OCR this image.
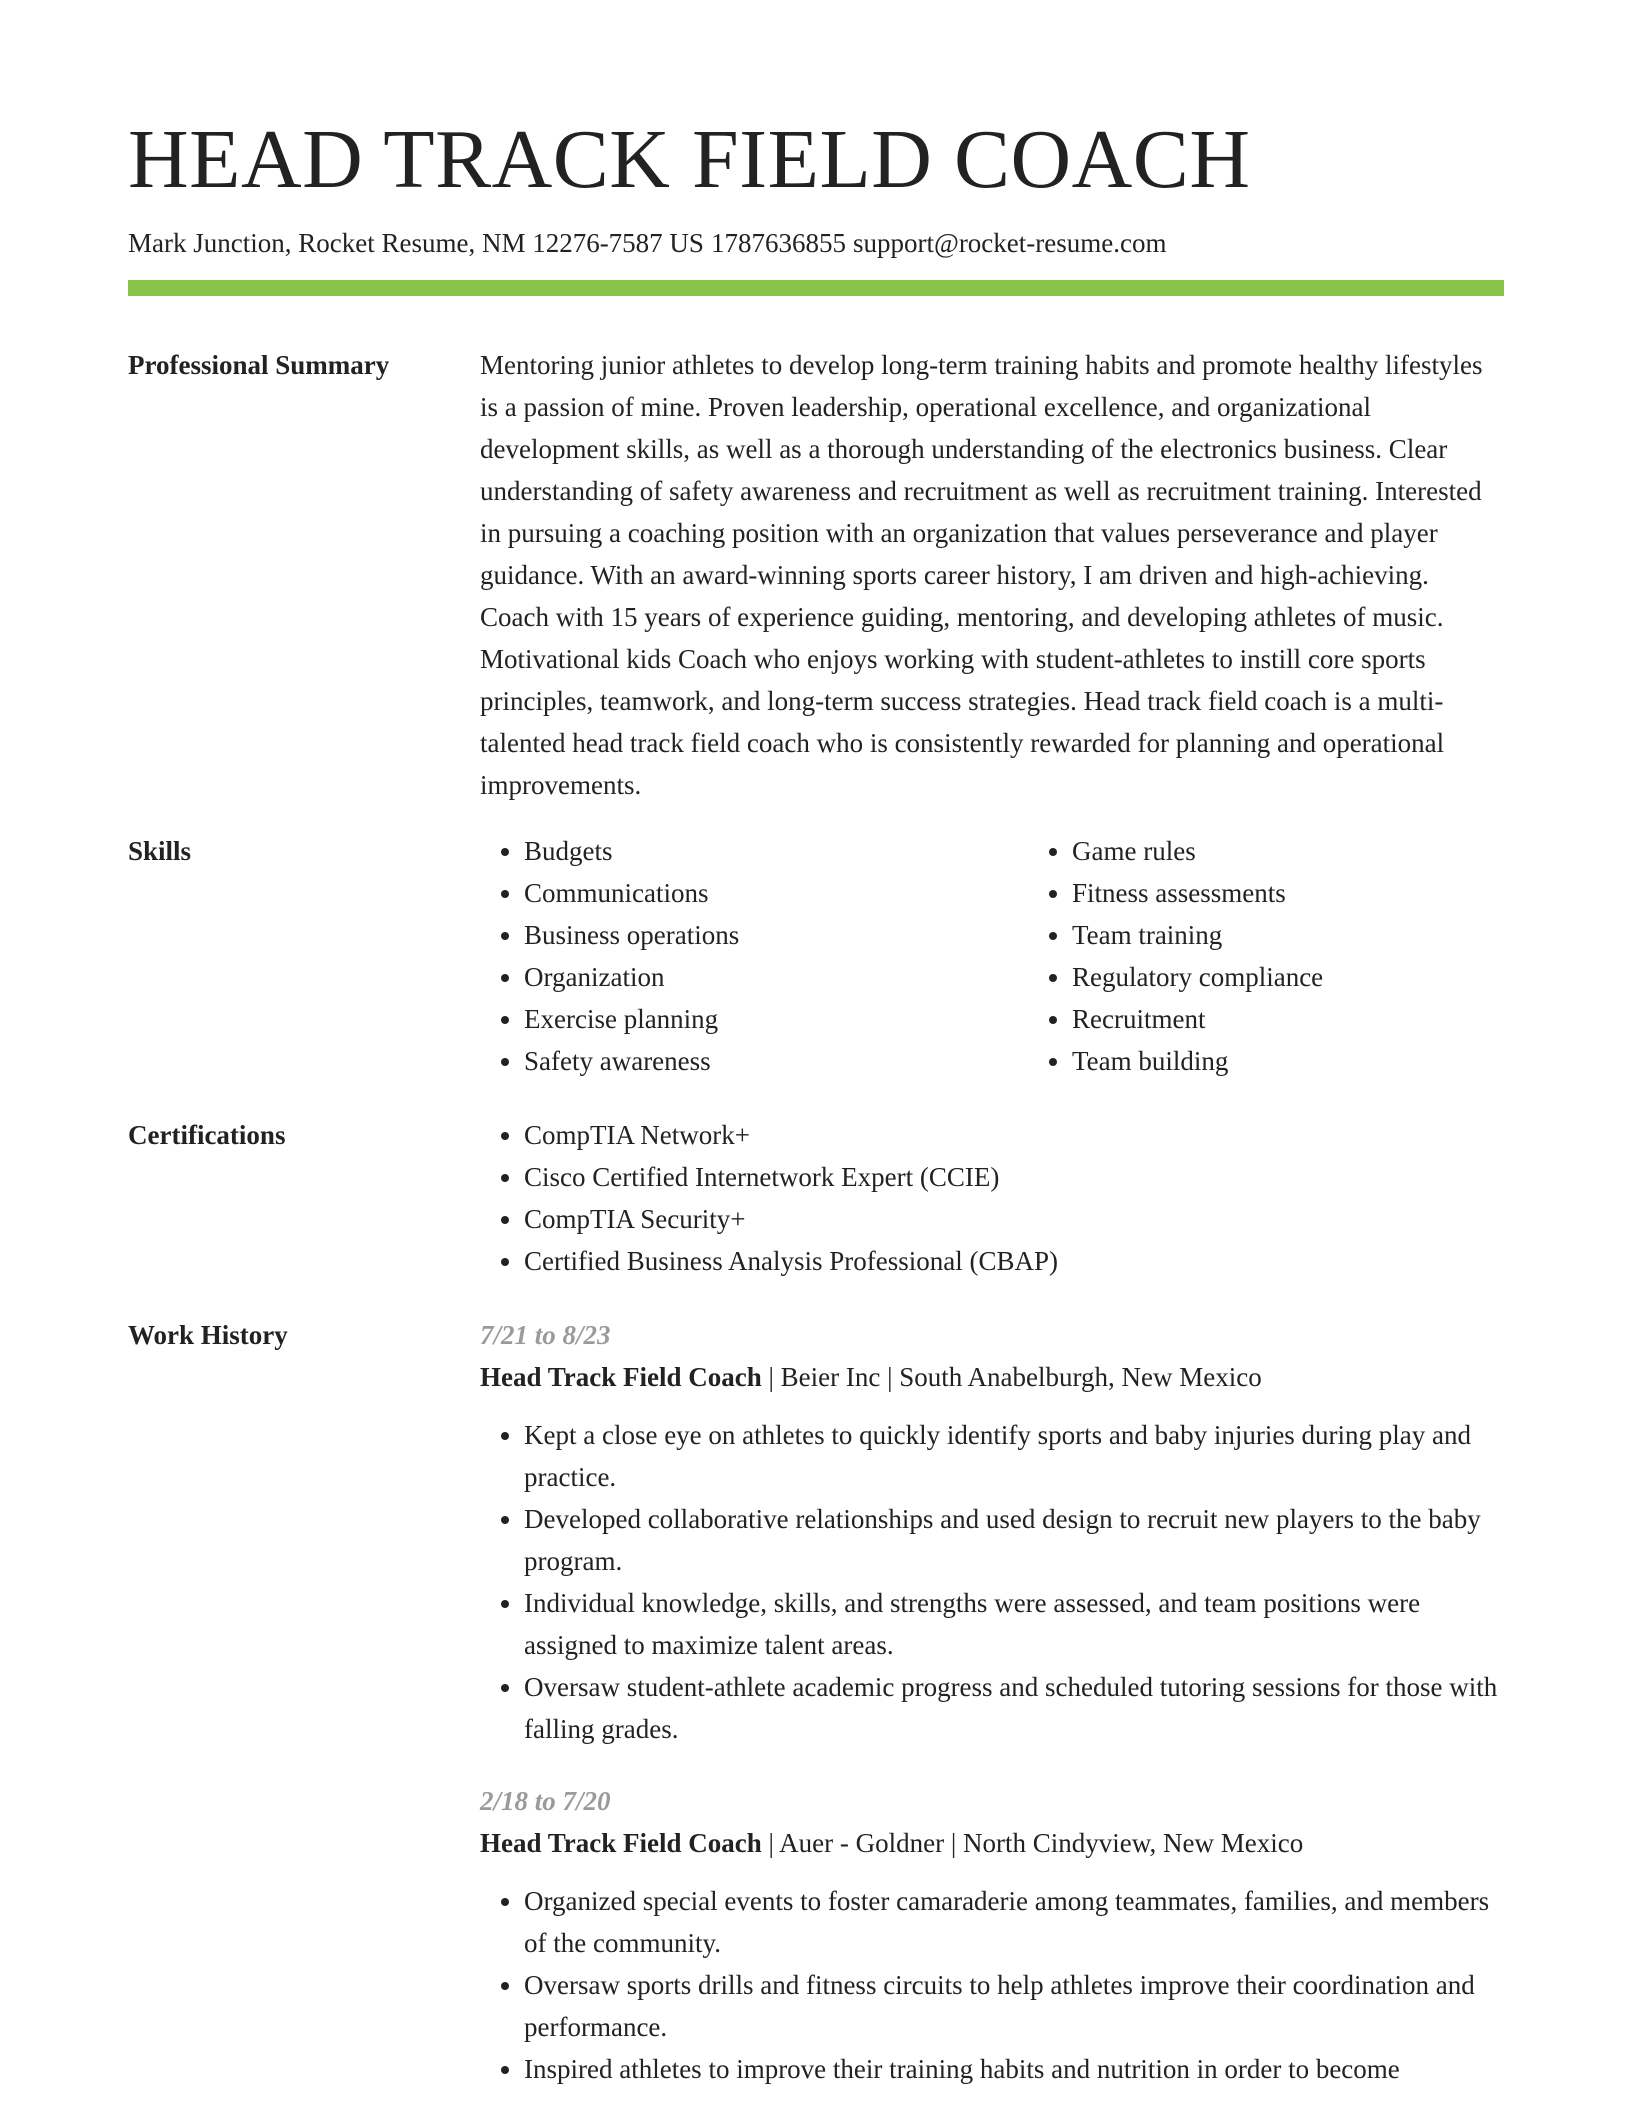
HEAD TRACK FIELD COACH
Mark Junction, Rocket Resume, NM 12276-7587 US 1787636855 support@rocket-resume.com
Professional Summary	Mentoring junior athletes to develop long-term training habits and promote healthy lifestyles is a passion of mine. Proven leadership, operational excellence, and organizational development skills, as well as a thorough understanding of the electronics business. Clear understanding of safety awareness and recruitment as well as recruitment training. Interested in pursuing a coaching position with an organization that values perseverance and player guidance. With an award-winning sports career history, I am driven and high-achieving. Coach with 15 years of experience guiding, mentoring, and developing athletes of music. Motivational kids Coach who enjoys working with student-athletes to instill core sports principles, teamwork, and long-term success strategies. Head track field coach is a multi-talented head track field coach who is consistently rewarded for planning and operational improvements.

Skills	• Budgets
• Communications
• Business operations
• Organization
• Exercise planning
• Safety awareness
• Game rules
• Fitness assessments
• Team training
• Regulatory compliance
• Recruitment
• Team building
Certifications	• CompTIA Network+
• Cisco Certified Internetwork Expert (CCIE)
• CompTIA Security+
• Certified Business Analysis Professional (CBAP)
Work History	7/21 to 8/23
Head Track Field Coach | Beier Inc | South Anabelburgh, New Mexico
• Kept a close eye on athletes to quickly identify sports and baby injuries during play and practice.
• Developed collaborative relationships and used design to recruit new players to the baby program.
• Individual knowledge, skills, and strengths were assessed, and team positions were assigned to maximize talent areas.
• Oversaw student-athlete academic progress and scheduled tutoring sessions for those with falling grades.
2/18 to 7/20
Head Track Field Coach | Auer - Goldner | North Cindyview, New Mexico
• Organized special events to foster camaraderie among teammates, families, and members of the community.
• Oversaw sports drills and fitness circuits to help athletes improve their coordination and performance.
• Inspired athletes to improve their training habits and nutrition in order to become
